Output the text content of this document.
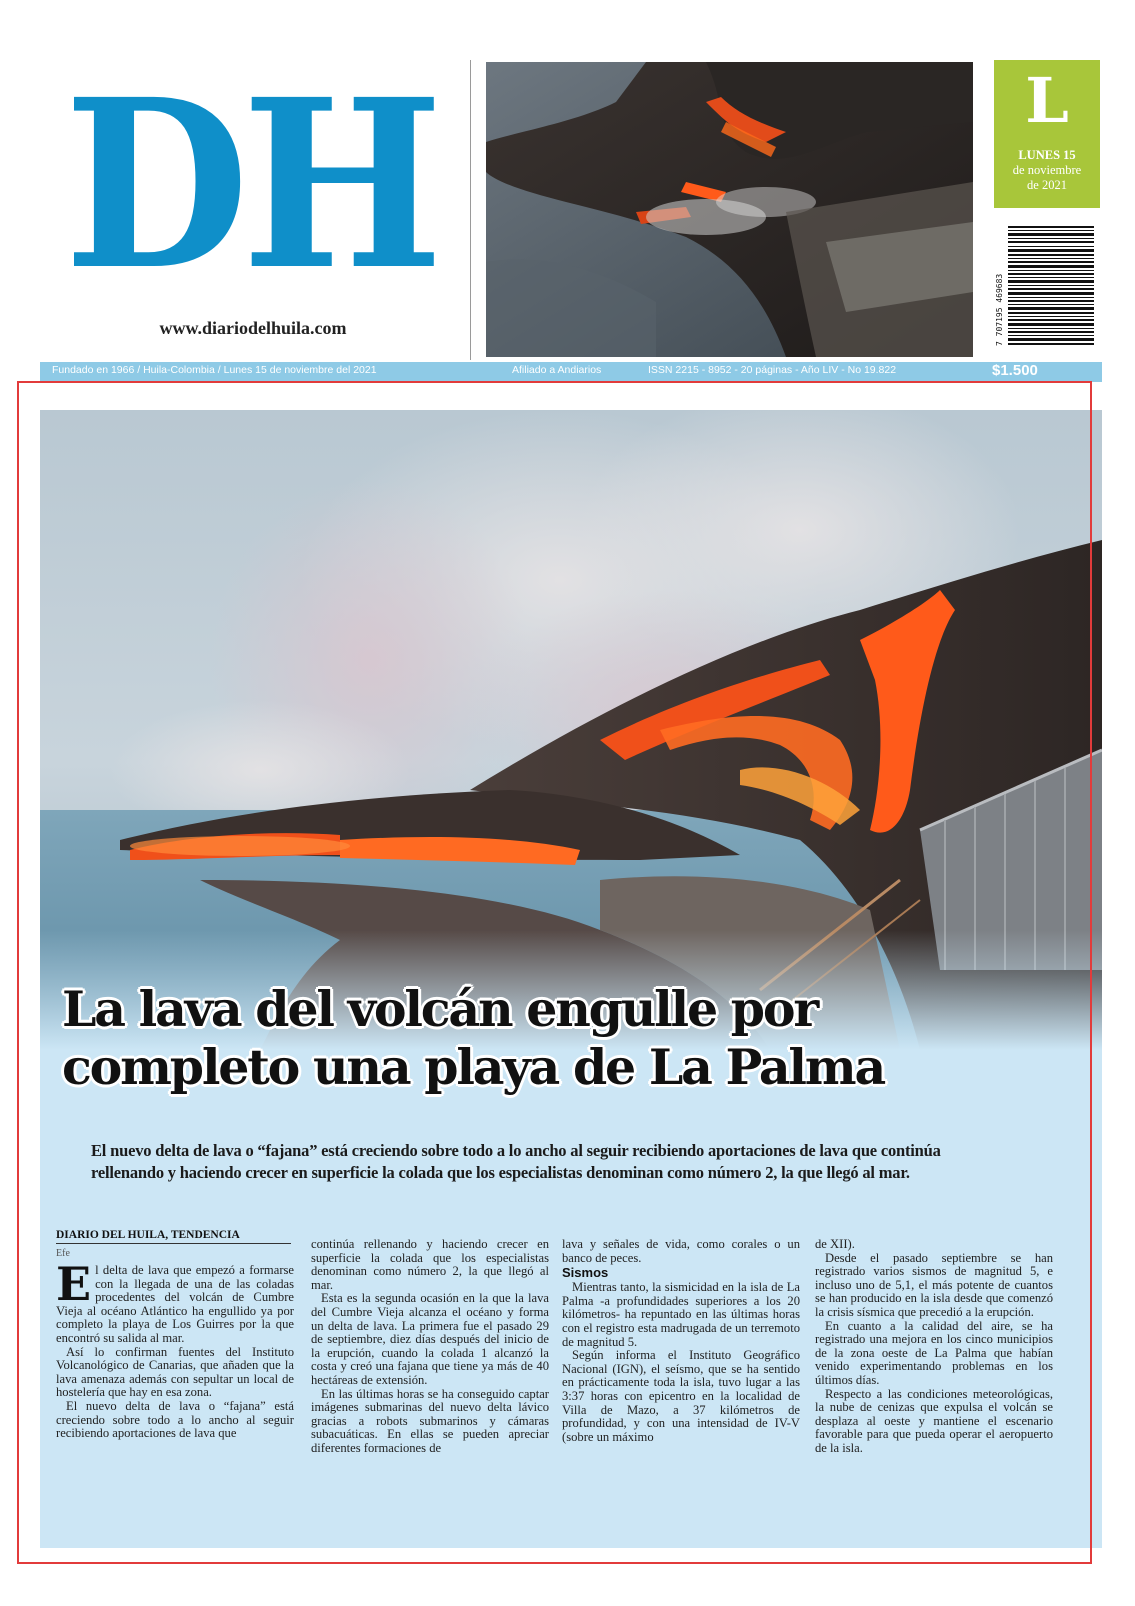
DH
www.diariodelhuila.com
L
LUNES 15
de noviembre
de 2021
7 707195 469683
Fundado en 1966 / Huila-Colombia / Lunes 15 de noviembre del 2021	Afiliado a Andiarios	ISSN 2215 - 8952 - 20 páginas - Año LIV - No 19.822	$1.500
La lava del volcán engulle por
completo una playa de La Palma

El nuevo delta de lava o “fajana” está creciendo sobre todo a lo ancho al seguir recibiendo aportaciones de lava que continúa rellenando y haciendo crecer en superficie la colada que los especialistas denominan como número 2, la que llegó al mar.

DIARIO DEL HUILA, TENDENCIA
Efe

El delta de lava que empezó a formarse con la llegada de una de las coladas procedentes del volcán de Cumbre Vieja al océano Atlántico ha engullido ya por completo la playa de Los Guirres por la que encontró su salida al mar.

Así lo confirman fuentes del Instituto Volcanológico de Canarias, que añaden que la lava amenaza además con sepultar un local de hostelería que hay en esa zona.

El nuevo delta de lava o “fajana” está creciendo sobre todo a lo ancho al seguir recibiendo aportaciones de lava que

continúa rellenando y haciendo crecer en superficie la colada que los especialistas denominan como número 2, la que llegó al mar.

Esta es la segunda ocasión en la que la lava del Cumbre Vieja alcanza el océano y forma un delta de lava. La primera fue el pasado 29 de septiembre, diez días después del inicio de la erupción, cuando la colada 1 alcanzó la costa y creó una fajana que tiene ya más de 40 hectáreas de extensión.

En las últimas horas se ha conseguido captar imágenes submarinas del nuevo delta lávico gracias a robots submarinos y cámaras subacuáticas. En ellas se pueden apreciar diferentes formaciones de

lava y señales de vida, como corales o un banco de peces.

Sismos

Mientras tanto, la sismicidad en la isla de La Palma -a profundidades superiores a los 20 kilómetros- ha repuntado en las últimas horas con el registro esta madrugada de un terremoto de magnitud 5.

Según informa el Instituto Geográfico Nacional (IGN), el seísmo, que se ha sentido en prácticamente toda la isla, tuvo lugar a las 3:37 horas con epicentro en la localidad de Villa de Mazo, a 37 kilómetros de profundidad, y con una intensidad de IV-V (sobre un máximo

de XII).

Desde el pasado septiembre se han registrado varios sismos de magnitud 5, e incluso uno de 5,1, el más potente de cuantos se han producido en la isla desde que comenzó la crisis sísmica que precedió a la erupción.

En cuanto a la calidad del aire, se ha registrado una mejora en los cinco municipios de la zona oeste de La Palma que habían venido experimentando problemas en los últimos días.

Respecto a las condiciones meteorológicas, la nube de cenizas que expulsa el volcán se desplaza al oeste y mantiene el escenario favorable para que pueda operar el aeropuerto de la isla.
